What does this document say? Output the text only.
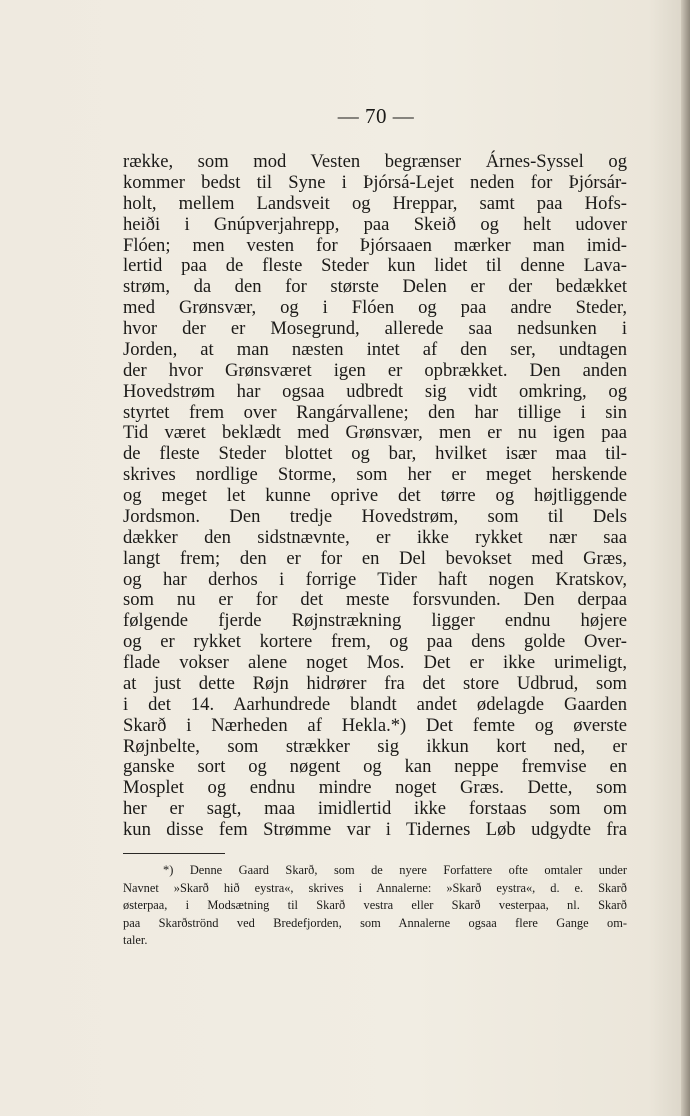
— 70 —
række, som mod Vesten begrænser Árnes-Syssel og
kommer bedst til Syne i Þjórsá-Lejet neden for Þjórsár-
holt, mellem Landsveit og Hreppar, samt paa Hofs-
heiði i Gnúpverjahrepp, paa Skeið og helt udover
Flóen; men vesten for Þjórsaaen mærker man imid-
lertid paa de fleste Steder kun lidet til denne Lava-
strøm, da den for største Delen er der bedækket
med Grønsvær, og i Flóen og paa andre Steder,
hvor der er Mosegrund, allerede saa nedsunken i
Jorden, at man næsten intet af den ser, undtagen
der hvor Grønsværet igen er opbrækket. Den anden
Hovedstrøm har ogsaa udbredt sig vidt omkring, og
styrtet frem over Rangárvallene; den har tillige i sin
Tid været beklædt med Grønsvær, men er nu igen paa
de fleste Steder blottet og bar, hvilket især maa til-
skrives nordlige Storme, som her er meget herskende
og meget let kunne oprive det tørre og højtliggende
Jordsmon. Den tredje Hovedstrøm, som til Dels
dækker den sidstnævnte, er ikke rykket nær saa
langt frem; den er for en Del bevokset med Græs,
og har derhos i forrige Tider haft nogen Kratskov,
som nu er for det meste forsvunden. Den derpaa
følgende fjerde Røjnstrækning ligger endnu højere
og er rykket kortere frem, og paa dens golde Over-
flade vokser alene noget Mos. Det er ikke urimeligt,
at just dette Røjn hidrører fra det store Udbrud, som
i det 14. Aarhundrede blandt andet ødelagde Gaarden
Skarð i Nærheden af Hekla.*) Det femte og øverste
Røjnbelte, som strækker sig ikkun kort ned, er
ganske sort og nøgent og kan neppe fremvise en
Mosplet og endnu mindre noget Græs. Dette, som
her er sagt, maa imidlertid ikke forstaas som om
kun disse fem Strømme var i Tidernes Løb udgydte fra
*) Denne Gaard Skarð, som de nyere Forfattere ofte omtaler under
Navnet »Skarð hið eystra«, skrives i Annalerne: »Skarð eystra«, d. e. Skarð
østerpaa, i Modsætning til Skarð vestra eller Skarð vesterpaa, nl. Skarð
paa Skarðströnd ved Bredefjorden, som Annalerne ogsaa flere Gange om-
taler.
